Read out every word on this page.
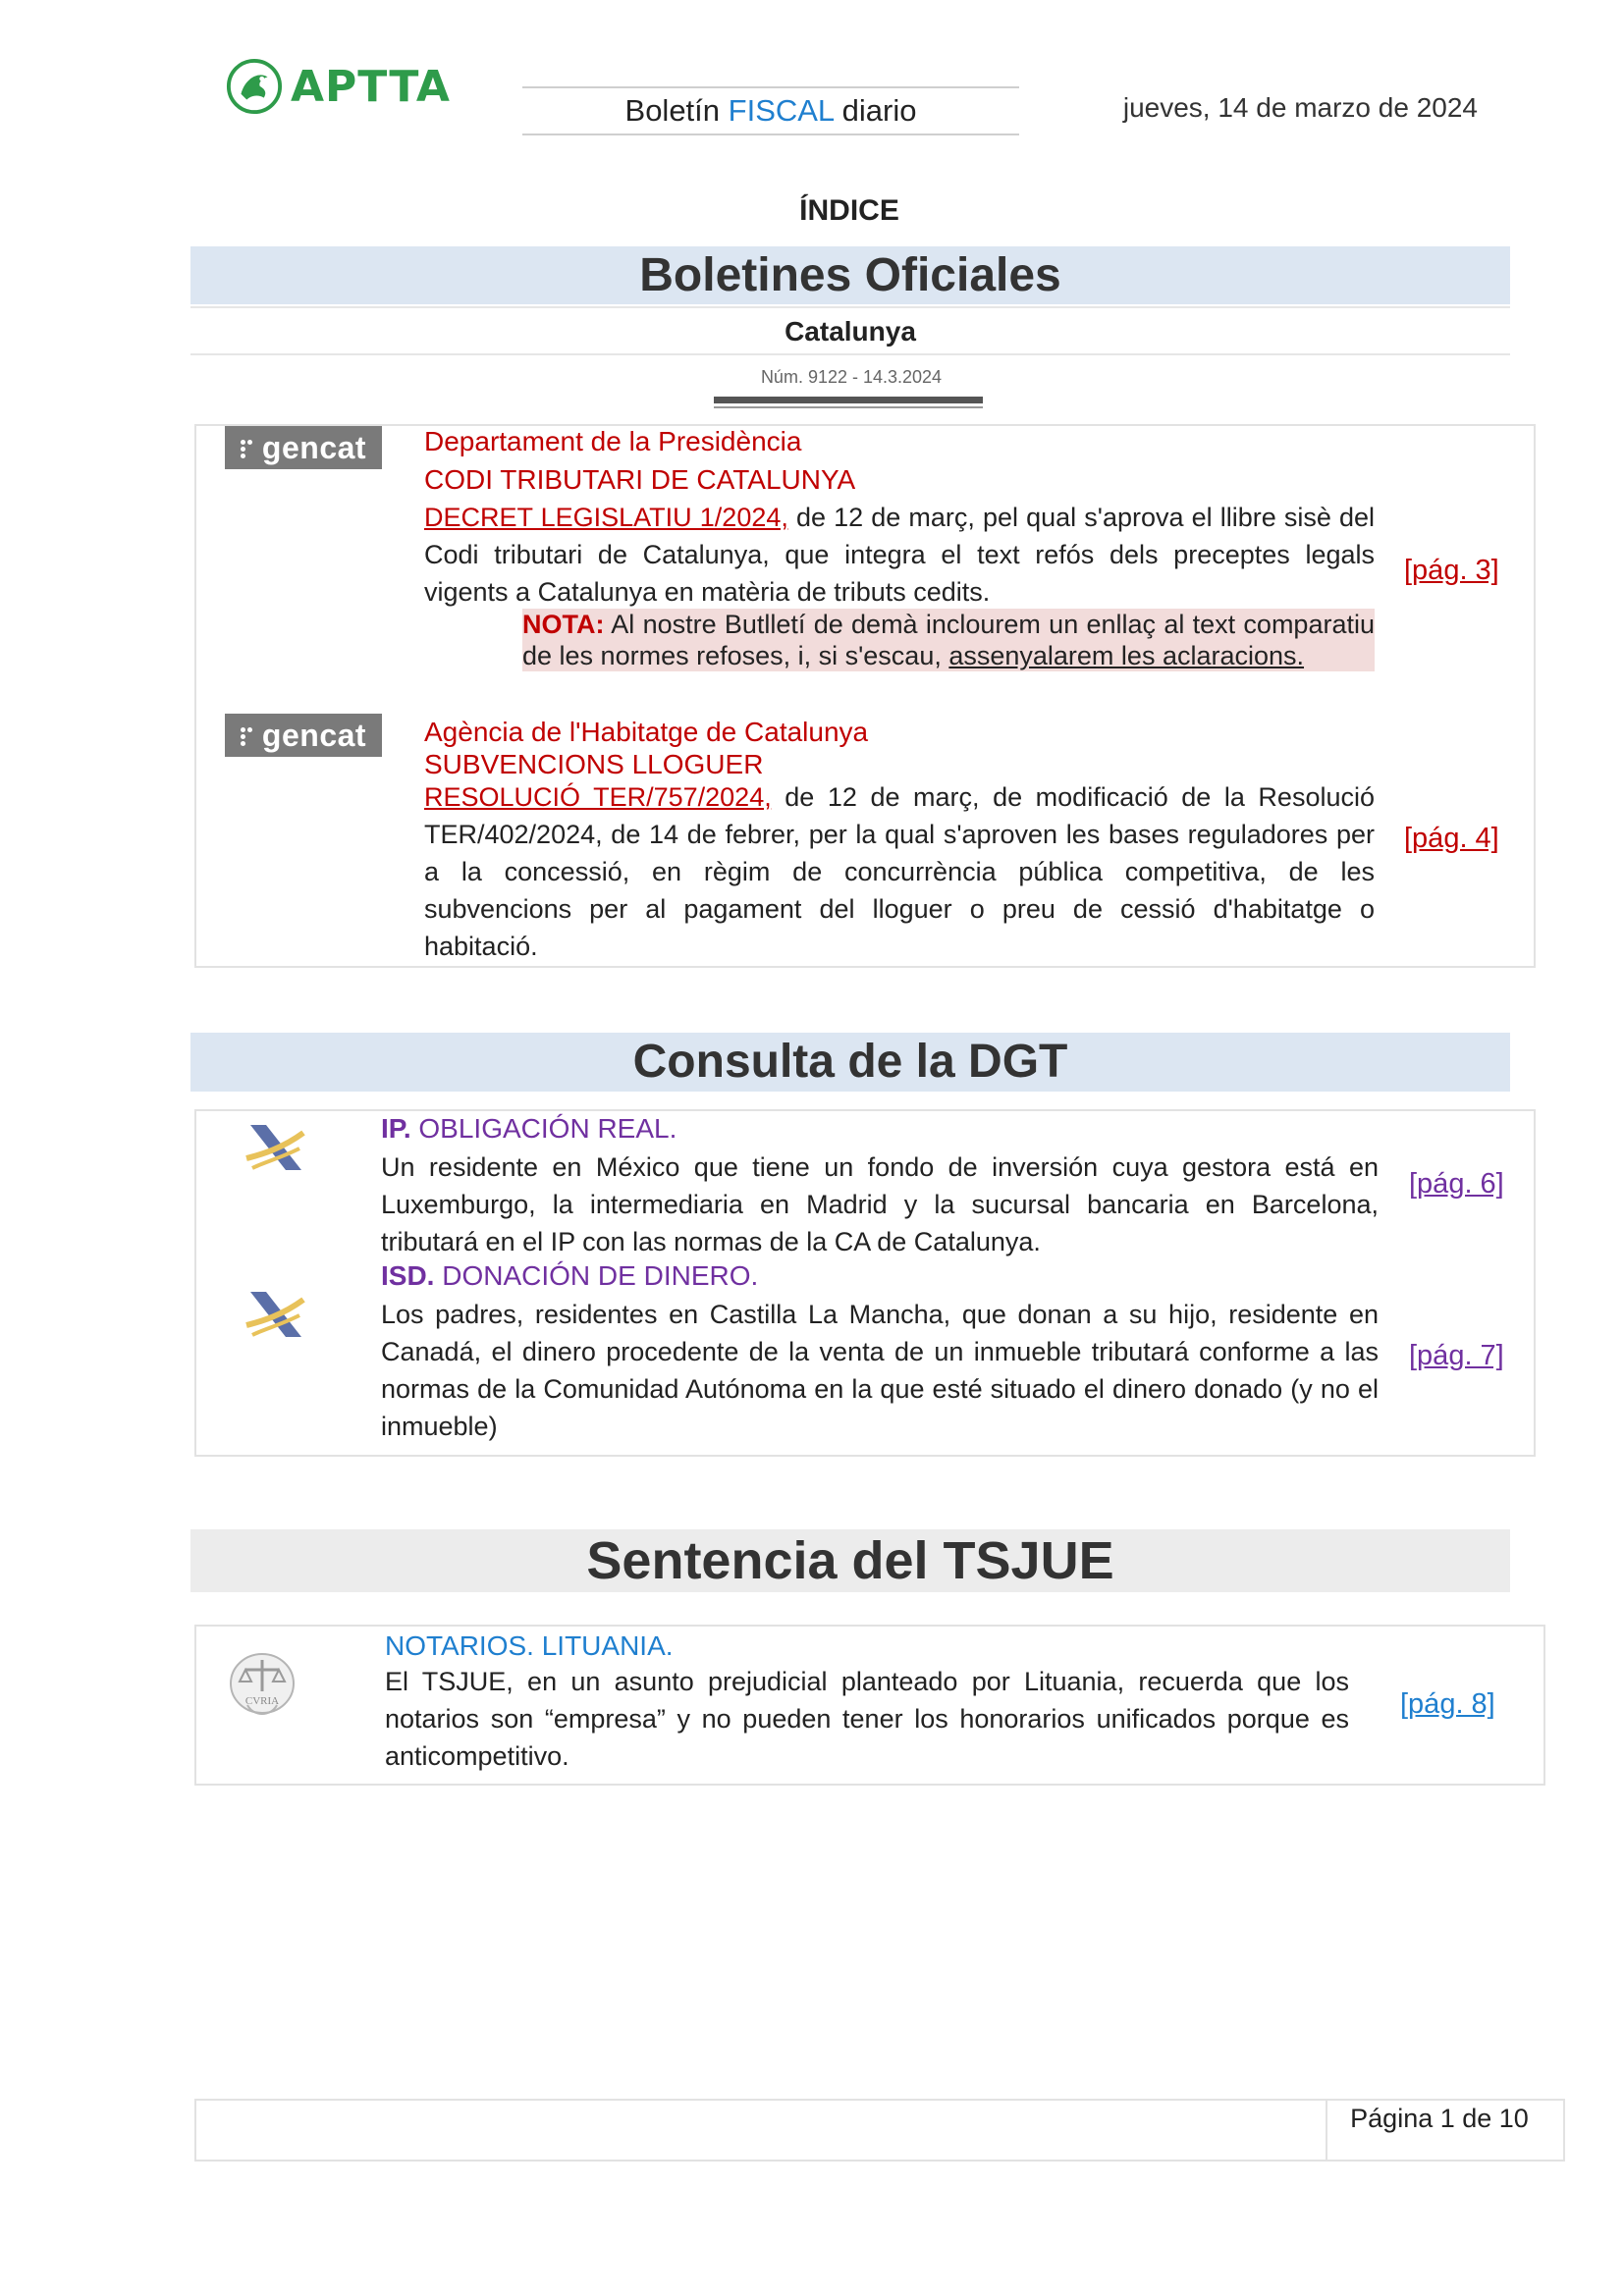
APTTA	Boletín FISCAL diario	jueves, 14 de marzo de 2024
ÍNDICE
Boletines Oficiales
Catalunya
Núm. 9122 - 14.3.2024
gencat Departament de la Presidència
CODI TRIBUTARI DE CATALUNYA
DECRET LEGISLATIU 1/2024, de 12 de març, pel qual s'aprova el llibre sisè del Codi tributari de Catalunya, que integra el text refós dels preceptes legals vigents a Catalunya en matèria de tributs cedits.
[pág. 3]
NOTA: Al nostre Butlletí de demà inclourem un enllaç al text comparatiu de les normes refoses, i, si s'escau, assenyalarem les aclaracions.
gencat Agència de l'Habitatge de Catalunya
SUBVENCIONS LLOGUER
RESOLUCIÓ TER/757/2024, de 12 de març, de modificació de la Resolució TER/402/2024, de 14 de febrer, per la qual s'aproven les bases reguladores per a la concessió, en règim de concurrència pública competitiva, de les subvencions per al pagament del lloguer o preu de cessió d'habitatge o habitació.
[pág. 4]
Consulta de la DGT
IP. OBLIGACIÓN REAL.
Un residente en México que tiene un fondo de inversión cuya gestora está en Luxemburgo, la intermediaria en Madrid y la sucursal bancaria en Barcelona, tributará en el IP con las normas de la CA de Catalunya.
[pág. 6]
ISD. DONACIÓN DE DINERO.
Los padres, residentes en Castilla La Mancha, que donan a su hijo, residente en Canadá, el dinero procedente de la venta de un inmueble tributará conforme a las normas de la Comunidad Autónoma en la que esté situado el dinero donado (y no el inmueble)
[pág. 7]
Sentencia del TSJUE
CVRIA
NOTARIOS. LITUANIA.
El TSJUE, en un asunto prejudicial planteado por Lituania, recuerda que los notarios son “empresa” y no pueden tener los honorarios unificados porque es anticompetitivo.
[pág. 8]
Página 1 de 10
